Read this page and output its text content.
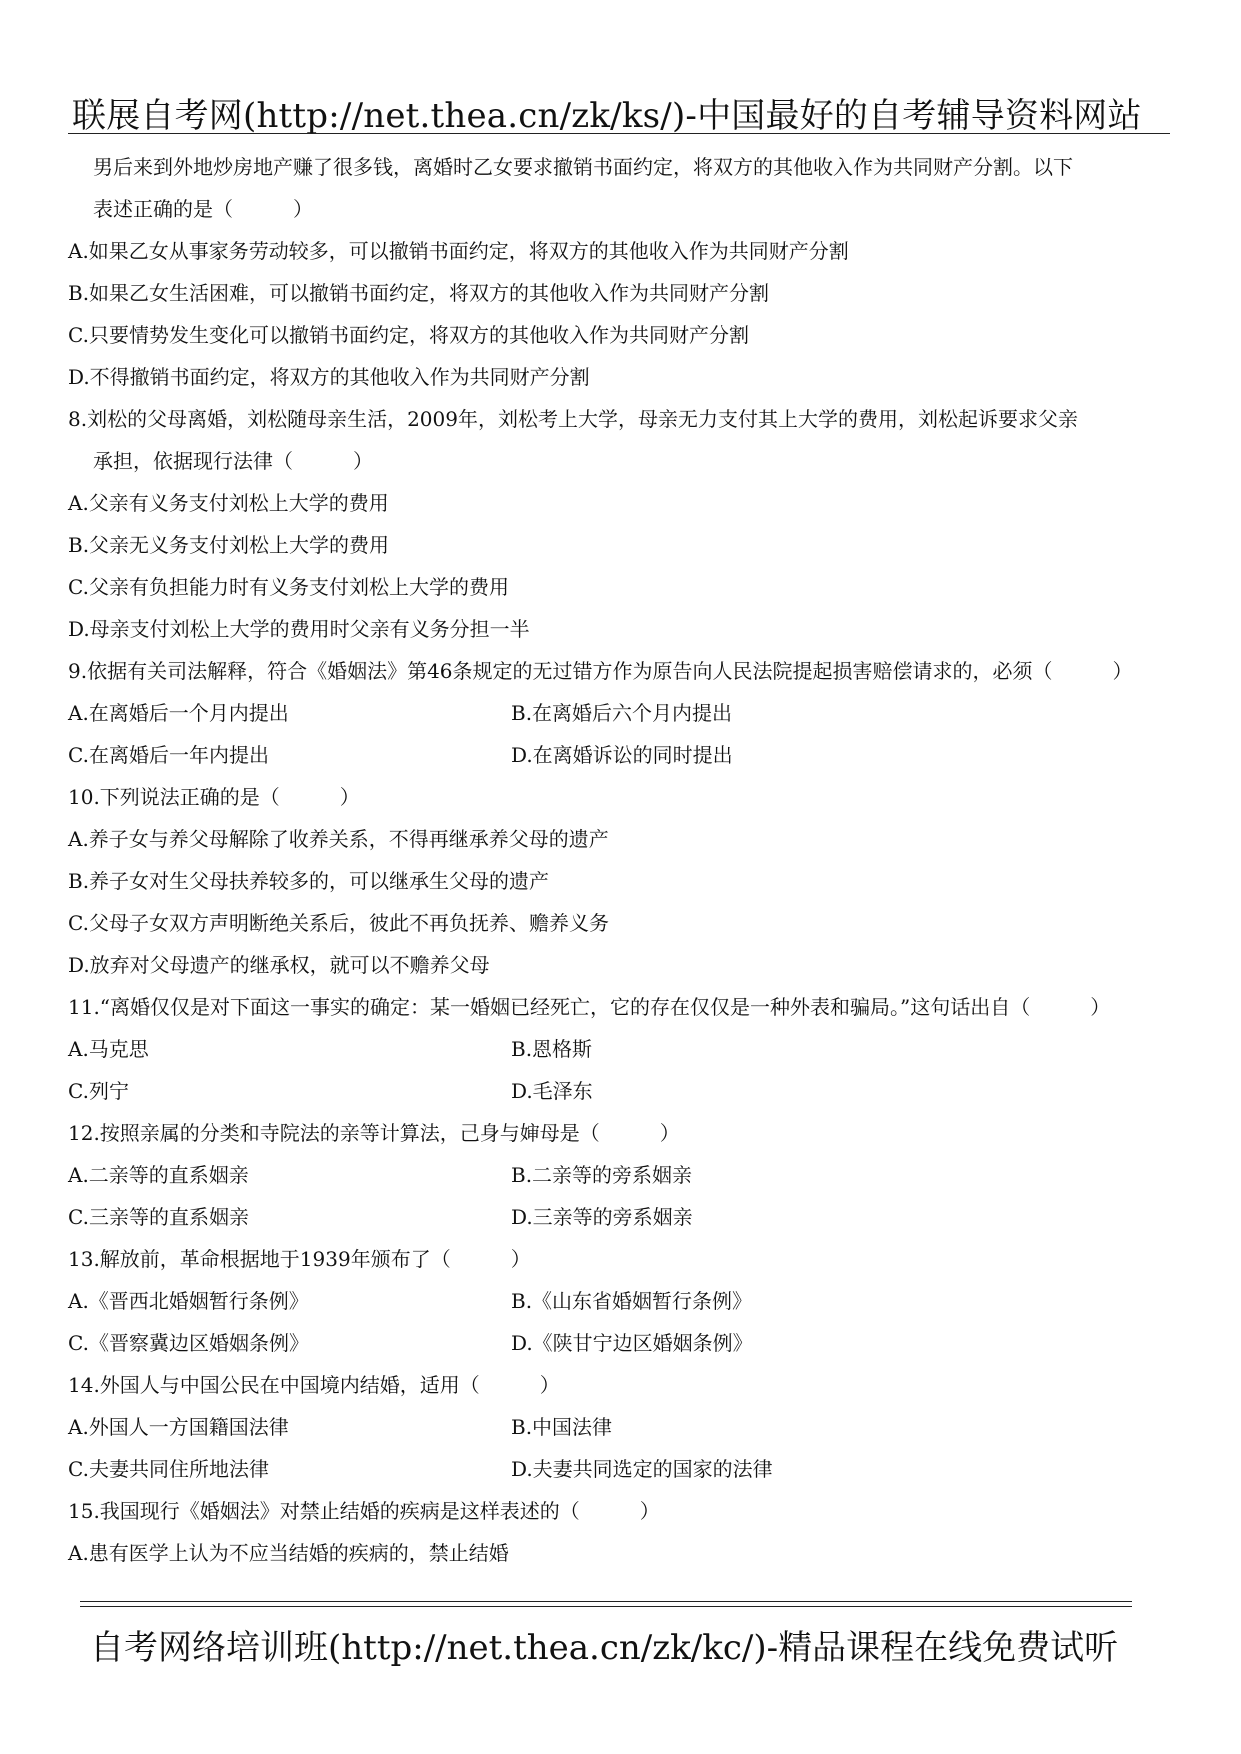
联展自考网(http://net.thea.cn/zk/ks/)-中国最好的自考辅导资料网站
男后来到外地炒房地产赚了很多钱，离婚时乙女要求撤销书面约定，将双方的其他收入作为共同财产分割。以下
表述正确的是（　　　）
A.如果乙女从事家务劳动较多，可以撤销书面约定，将双方的其他收入作为共同财产分割
B.如果乙女生活困难，可以撤销书面约定，将双方的其他收入作为共同财产分割
C.只要情势发生变化可以撤销书面约定，将双方的其他收入作为共同财产分割
D.不得撤销书面约定，将双方的其他收入作为共同财产分割
8.刘松的父母离婚，刘松随母亲生活，2009年，刘松考上大学，母亲无力支付其上大学的费用，刘松起诉要求父亲
承担，依据现行法律（　　　）
A.父亲有义务支付刘松上大学的费用
B.父亲无义务支付刘松上大学的费用
C.父亲有负担能力时有义务支付刘松上大学的费用
D.母亲支付刘松上大学的费用时父亲有义务分担一半
9.依据有关司法解释，符合《婚姻法》第46条规定的无过错方作为原告向人民法院提起损害赔偿请求的，必须（　　　）
A.在离婚后一个月内提出	B.在离婚后六个月内提出
C.在离婚后一年内提出	D.在离婚诉讼的同时提出
10.下列说法正确的是（　　　）
A.养子女与养父母解除了收养关系，不得再继承养父母的遗产
B.养子女对生父母扶养较多的，可以继承生父母的遗产
C.父母子女双方声明断绝关系后，彼此不再负抚养、赡养义务
D.放弃对父母遗产的继承权，就可以不赡养父母
11.“离婚仅仅是对下面这一事实的确定：某一婚姻已经死亡，它的存在仅仅是一种外表和骗局。”这句话出自（　　　）
A.马克思	B.恩格斯
C.列宁	D.毛泽东
12.按照亲属的分类和寺院法的亲等计算法，己身与婶母是（　　　）
A.二亲等的直系姻亲	B.二亲等的旁系姻亲
C.三亲等的直系姻亲	D.三亲等的旁系姻亲
13.解放前，革命根据地于1939年颁布了（　　　）
A.《晋西北婚姻暂行条例》	B.《山东省婚姻暂行条例》
C.《晋察冀边区婚姻条例》	D.《陕甘宁边区婚姻条例》
14.外国人与中国公民在中国境内结婚，适用（　　　）
A.外国人一方国籍国法律	B.中国法律
C.夫妻共同住所地法律	D.夫妻共同选定的国家的法律
15.我国现行《婚姻法》对禁止结婚的疾病是这样表述的（　　　）
A.患有医学上认为不应当结婚的疾病的，禁止结婚
自考网络培训班(http://net.thea.cn/zk/kc/)-精品课程在线免费试听
